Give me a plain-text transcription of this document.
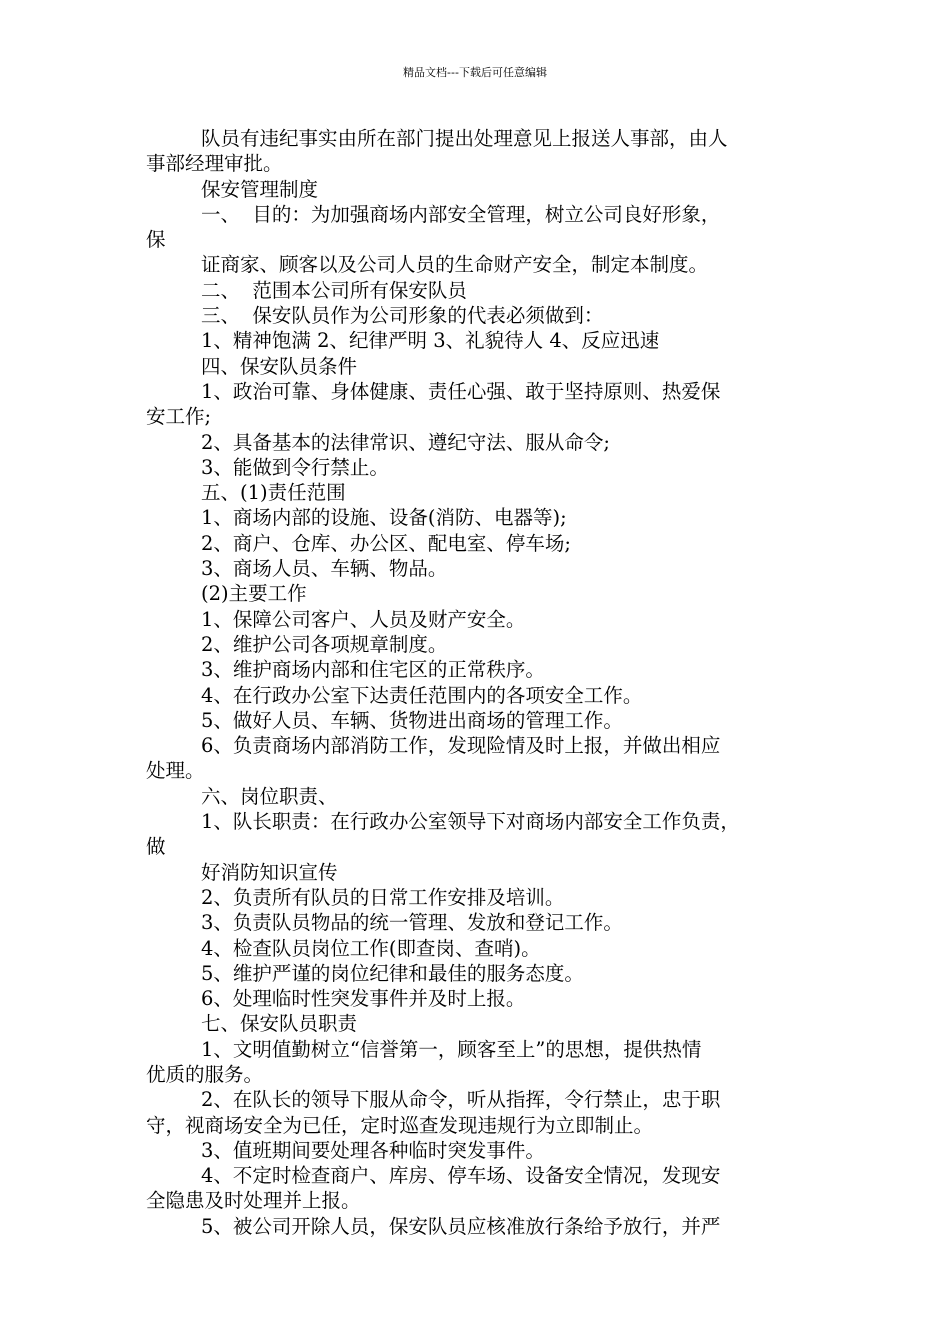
精品文档---下载后可任意编辑
队员有违纪事实由所在部门提出处理意见上报送人事部，由人
事部经理审批。
保安管理制度
一、  目的：为加强商场内部安全管理，树立公司良好形象，
保
证商家、顾客以及公司人员的生命财产安全，制定本制度。
二、  范围本公司所有保安队员
三、  保安队员作为公司形象的代表必须做到：
1、精神饱满 2、纪律严明 3、礼貌待人 4、反应迅速
四、保安队员条件
1、政治可靠、身体健康、责任心强、敢于坚持原则、热爱保
安工作;
2、具备基本的法律常识、遵纪守法、服从命令;
3、能做到令行禁止。
五、(1)责任范围
1、商场内部的设施、设备(消防、电器等);
2、商户、仓库、办公区、配电室、停车场;
3、商场人员、车辆、物品。
(2)主要工作
1、保障公司客户、人员及财产安全。
2、维护公司各项规章制度。
3、维护商场内部和住宅区的正常秩序。
4、在行政办公室下达责任范围内的各项安全工作。
5、做好人员、车辆、货物进出商场的管理工作。
6、负责商场内部消防工作，发现险情及时上报，并做出相应
处理。
六、岗位职责、
1、队长职责：在行政办公室领导下对商场内部安全工作负责，
做
好消防知识宣传
2、负责所有队员的日常工作安排及培训。
3、负责队员物品的统一管理、发放和登记工作。
4、检查队员岗位工作(即查岗、查哨)。
5、维护严谨的岗位纪律和最佳的服务态度。
6、处理临时性突发事件并及时上报。
七、保安队员职责
1、文明值勤树立“信誉第一，顾客至上”的思想，提供热情
优质的服务。
2、在队长的领导下服从命令，听从指挥，令行禁止，忠于职
守，视商场安全为已任，定时巡查发现违规行为立即制止。
3、值班期间要处理各种临时突发事件。
4、不定时检查商户、库房、停车场、设备安全情况，发现安
全隐患及时处理并上报。
5、被公司开除人员，保安队员应核准放行条给予放行，并严
